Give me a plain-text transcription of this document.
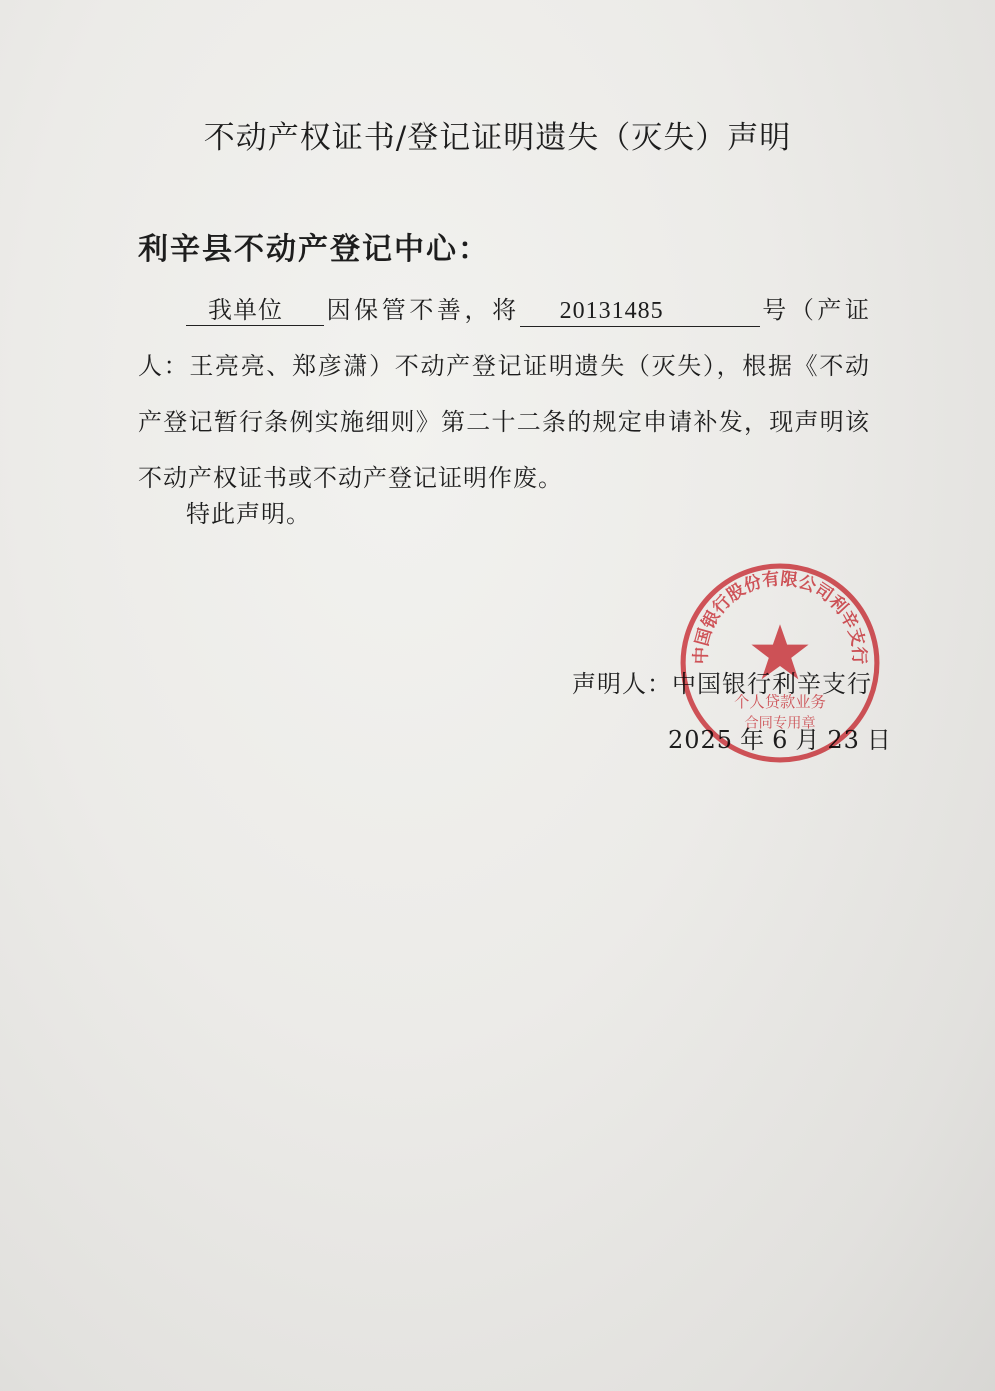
不动产权证书/登记证明遗失（灭失）声明
利辛县不动产登记中心：
我单位 因保管不善，将 20131485	号（产证人：王亮亮、郑彦潇）不动产登记证明遗失（灭失），根据《不动产登记暂行条例实施细则》第二十二条的规定申请补发，现声明该不动产权证书或不动产登记证明作废。
特此声明。
声明人：中国银行利辛支行
2025 年 6 月 23 日
中国银行股份有限公司利辛支行
个人贷款业务
合同专用章
